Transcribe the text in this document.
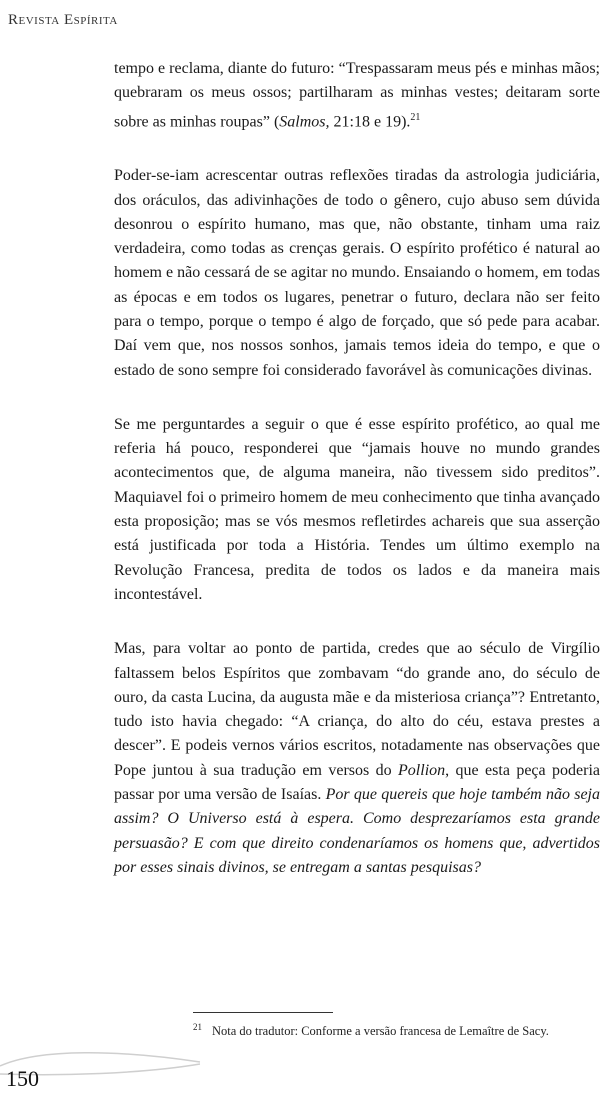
Revista Espírita

tempo e reclama, diante do futuro: “Trespassaram meus pés e minhas mãos; quebraram os meus ossos; partilharam as minhas vestes; deitaram sorte sobre as minhas roupas” (Salmos, 21:18 e 19).$^{21}$

Poder-se-iam acrescentar outras reflexões tiradas da astrologia judiciária, dos oráculos, das adivinhações de todo o gênero, cujo abuso sem dúvida desonrou o espírito humano, mas que, não obstante, tinham uma raiz verdadeira, como todas as crenças gerais. O espírito profético é natural ao homem e não cessará de se agitar no mundo. Ensaiando o homem, em todas as épocas e em todos os lugares, penetrar o futuro, declara não ser feito para o tempo, porque o tempo é algo de forçado, que só pede para acabar. Daí vem que, nos nossos sonhos, jamais temos ideia do tempo, e que o estado de sono sempre foi considerado favorável às comunicações divinas.

Se me perguntardes a seguir o que é esse espírito profético, ao qual me referia há pouco, responderei que “jamais houve no mundo grandes acontecimentos que, de alguma maneira, não tivessem sido preditos”. Maquiavel foi o primeiro homem de meu conhecimento que tinha avançado esta proposição; mas se vós mesmos refletirdes achareis que sua asserção está justificada por toda a História. Tendes um último exemplo na Revolução Francesa, predita de todos os lados e da maneira mais incontestável.

Mas, para voltar ao ponto de partida, credes que ao século de Virgílio faltassem belos Espíritos que zombavam “do grande ano, do século de ouro, da casta Lucina, da augusta mãe e da misteriosa criança”? Entretanto, tudo isto havia chegado: “A criança, do alto do céu, estava prestes a descer”. E podeis vernos vários escritos, notadamente nas observações que Pope juntou à sua tradução em versos do Pollion, que esta peça poderia passar por uma versão de Isaías. Por que quereis que hoje também não seja assim? O Universo está à espera. Como desprezaríamos esta grande persuasão? E com que direito condenaríamos os homens que, advertidos por esses sinais divinos, se entregam a santas pesquisas?

$^{21}$ Nota do tradutor: Conforme a versão francesa de Lemaître de Sacy.
150
